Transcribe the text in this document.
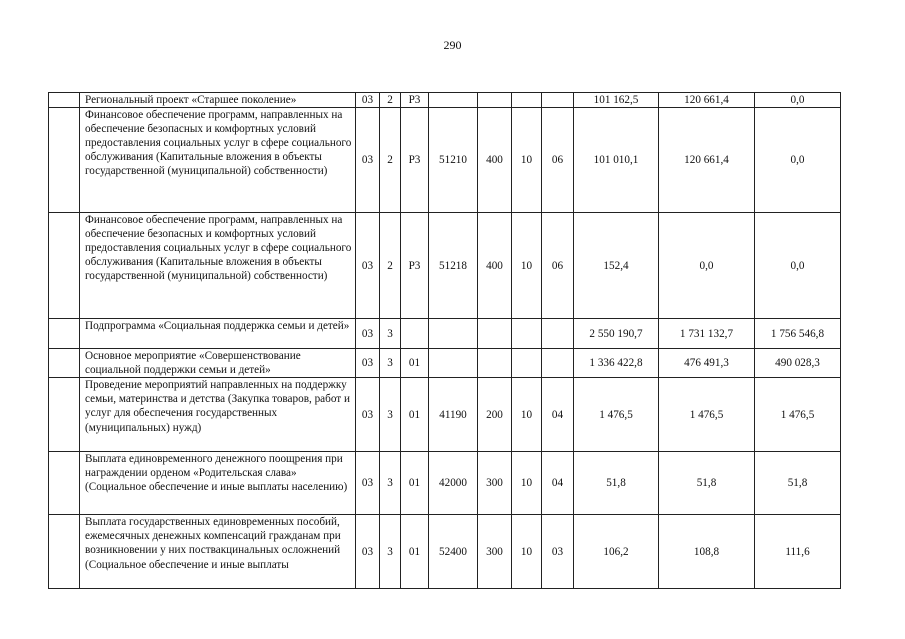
290
	Региональный проект «Старшее поколение»	03	2	Р3					101 162,5	120 661,4	0,0
	Финансовое обеспечение программ, направленных на обеспечение безопасных и комфортных условий предоставления социальных услуг в сфере социального обслуживания (Капитальные вложения в объекты государственной (муниципальной) собственности)	03	2	Р3	51210	400	10	06	101 010,1	120 661,4	0,0
	Финансовое обеспечение программ, направленных на обеспечение безопасных и комфортных условий предоставления социальных услуг в сфере социального обслуживания (Капитальные вложения в объекты государственной (муниципальной) собственности)	03	2	Р3	51218	400	10	06	152,4	0,0	0,0
	Подпрограмма «Социальная поддержка семьи и детей»	03	3						2 550 190,7	1 731 132,7	1 756 546,8
	Основное мероприятие «Совершенствование социальной поддержки семьи и детей»	03	3	01					1 336 422,8	476 491,3	490 028,3
	Проведение мероприятий направленных на поддержку семьи, материнства и детства (Закупка товаров, работ и услуг для обеспечения государственных (муниципальных) нужд)	03	3	01	41190	200	10	04	1 476,5	1 476,5	1 476,5
	Выплата единовременного денежного поощрения при награждении орденом «Родительская слава» (Социальное обеспечение и иные выплаты населению)	03	3	01	42000	300	10	04	51,8	51,8	51,8
	Выплата государственных единовременных пособий, ежемесячных денежных компенсаций гражданам при возникновении у них поствакцинальных осложнений (Социальное обеспечение и иные выплаты	03	3	01	52400	300	10	03	106,2	108,8	111,6
